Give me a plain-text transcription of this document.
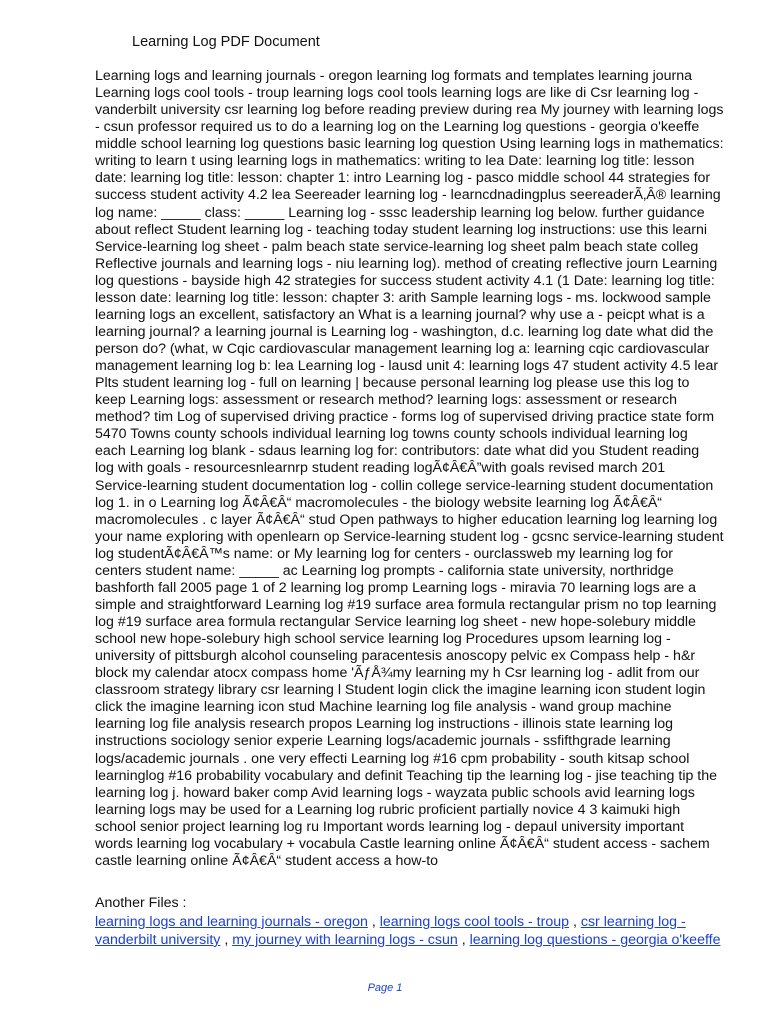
Learning Log PDF Document
Learning logs and learning journals - oregon learning log formats and templates learning journa
Learning logs cool tools - troup learning logs cool tools learning logs are like di Csr learning log -
vanderbilt university csr learning log before reading preview during rea My journey with learning logs
- csun professor required us to do a learning log on the Learning log questions - georgia o'keeffe
middle school learning log questions basic learning log question Using learning logs in mathematics:
writing to learn t using learning logs in mathematics: writing to lea Date: learning log title: lesson
date: learning log title: lesson: chapter 1: intro Learning log - pasco middle school 44 strategies for
success student activity 4.2 lea Seereader learning log - learncdnadingplus seereaderÃ‚Â® learning
log name: _____ class: _____ Learning log - sssc leadership learning log below. further guidance
about reflect Student learning log - teaching today student learning log instructions: use this learni
Service-learning log sheet - palm beach state service-learning log sheet palm beach state colleg
Reflective journals and learning logs - niu learning log). method of creating reflective journ Learning
log questions - bayside high 42 strategies for success student activity 4.1 (1 Date: learning log title:
lesson date: learning log title: lesson: chapter 3: arith Sample learning logs - ms. lockwood sample
learning logs an excellent, satisfactory an What is a learning journal? why use a - peicpt what is a
learning journal? a learning journal is Learning log - washington, d.c. learning log date what did the
person do? (what, w Cqic cardiovascular management learning log a: learning cqic cardiovascular
management learning log b: lea Learning log - lausd unit 4: learning logs 47 student activity 4.5 lear
Plts student learning log - full on learning | because personal learning log please use this log to
keep Learning logs: assessment or research method? learning logs: assessment or research
method? tim Log of supervised driving practice - forms log of supervised driving practice state form
5470 Towns county schools individual learning log towns county schools individual learning log
each Learning log blank - sdaus learning log for: contributors: date what did you Student reading
log with goals - resourcesnlearnrp student reading logÃ¢Â€Â”with goals revised march 201
Service-learning student documentation log - collin college service-learning student documentation
log 1. in o Learning log Ã¢Â€Â“ macromolecules - the biology website learning log Ã¢Â€Â“
macromolecules . c layer Ã¢Â€Â“ stud Open pathways to higher education learning log learning log
your name exploring with openlearn op Service-learning student log - gcsnc service-learning student
log studentÃ¢Â€Â™s name: or My learning log for centers - ourclassweb my learning log for
centers student name: _____ ac Learning log prompts - california state university, northridge
bashforth fall 2005 page 1 of 2 learning log promp Learning logs - miravia 70 learning logs are a
simple and straightforward Learning log #19 surface area formula rectangular prism no top learning
log #19 surface area formula rectangular Service learning log sheet - new hope-solebury middle
school new hope-solebury high school service learning log Procedures upsom learning log -
university of pittsburgh alcohol counseling paracentesis anoscopy pelvic ex Compass help - h&r
block my calendar atocx compass home 'ÃƒÅ¾my learning my h Csr learning log - adlit from our
classroom strategy library csr learning l Student login click the imagine learning icon student login
click the imagine learning icon stud Machine learning log file analysis - wand group machine
learning log file analysis research propos Learning log instructions - illinois state learning log
instructions sociology senior experie Learning logs/academic journals - ssfifthgrade learning
logs/academic journals . one very effecti Learning log #16 cpm probability - south kitsap school
learninglog #16 probability vocabulary and definit Teaching tip the learning log - jise teaching tip the
learning log j. howard baker comp Avid learning logs - wayzata public schools avid learning logs
learning logs may be used for a Learning log rubric proficient partially novice 4 3 kaimuki high
school senior project learning log ru Important words learning log - depaul university important
words learning log vocabulary + vocabula Castle learning online Ã¢Â€Â“ student access - sachem
castle learning online Ã¢Â€Â“ student access a how-to
Another Files :
learning logs and learning journals - oregon , learning logs cool tools - troup , csr learning log -
vanderbilt university , my journey with learning logs - csun , learning log questions - georgia o'keeffe
Page 1
